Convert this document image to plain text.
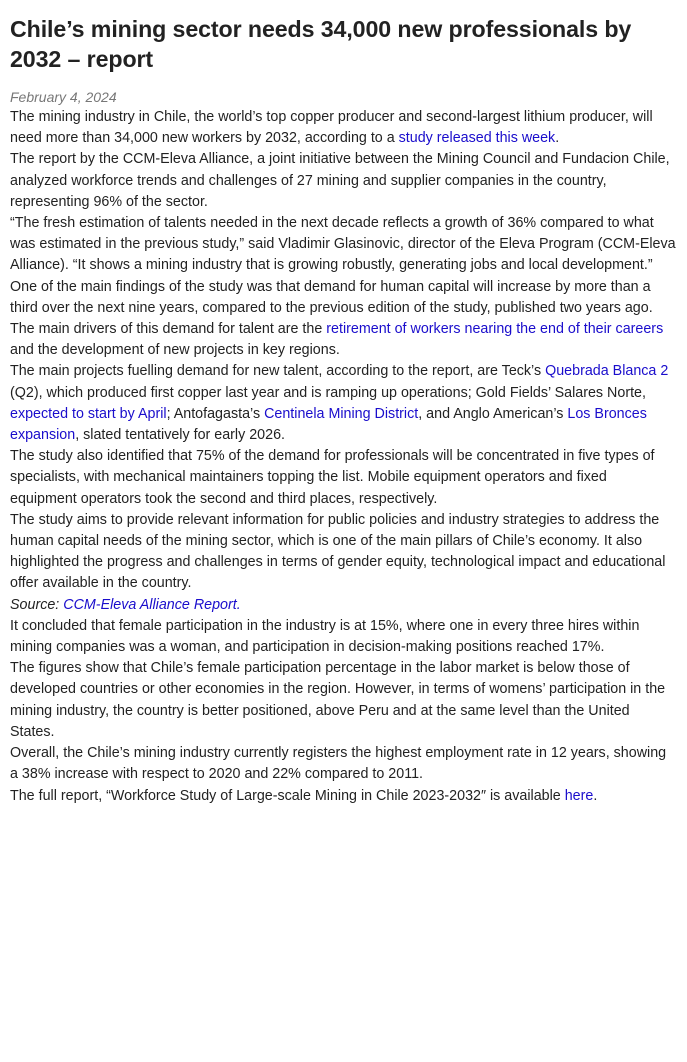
Chile’s mining sector needs 34,000 new professionals by 2032 – report
February 4, 2024

The mining industry in Chile, the world’s top copper producer and second-largest lithium producer, will need more than 34,000 new workers by 2032, according to a study released this week.

The report by the CCM-Eleva Alliance, a joint initiative between the Mining Council and Fundacion Chile, analyzed workforce trends and challenges of 27 mining and supplier companies in the country, representing 96% of the sector.

“The fresh estimation of talents needed in the next decade reflects a growth of 36% compared to what was estimated in the previous study,” said Vladimir Glasinovic, director of the Eleva Program (CCM-Eleva Alliance). “It shows a mining industry that is growing robustly, generating jobs and local development.”

One of the main findings of the study was that demand for human capital will increase by more than a third over the next nine years, compared to the previous edition of the study, published two years ago. The main drivers of this demand for talent are the retirement of workers nearing the end of their careers and the development of new projects in key regions.

The main projects fuelling demand for new talent, according to the report, are Teck’s Quebrada Blanca 2 (Q2), which produced first copper last year and is ramping up operations; Gold Fields’ Salares Norte, expected to start by April; Antofagasta’s Centinela Mining District, and Anglo American’s Los Bronces expansion, slated tentatively for early 2026.

The study also identified that 75% of the demand for professionals will be concentrated in five types of specialists, with mechanical maintainers topping the list. Mobile equipment operators and fixed equipment operators took the second and third places, respectively.

The study aims to provide relevant information for public policies and industry strategies to address the human capital needs of the mining sector, which is one of the main pillars of Chile’s economy. It also highlighted the progress and challenges in terms of gender equity, technological impact and educational offer available in the country.

Source: CCM-Eleva Alliance Report.

It concluded that female participation in the industry is at 15%, where one in every three hires within mining companies was a woman, and participation in decision-making positions reached 17%.

The figures show that Chile’s female participation percentage in the labor market is below those of developed countries or other economies in the region. However, in terms of womens’ participation in the mining industry, the country is better positioned, above Peru and at the same level than the United States.

Overall, the Chile’s mining industry currently registers the highest employment rate in 12 years, showing a 38% increase with respect to 2020 and 22% compared to 2011.

The full report, “Workforce Study of Large-scale Mining in Chile 2023-2032″ is available here.
